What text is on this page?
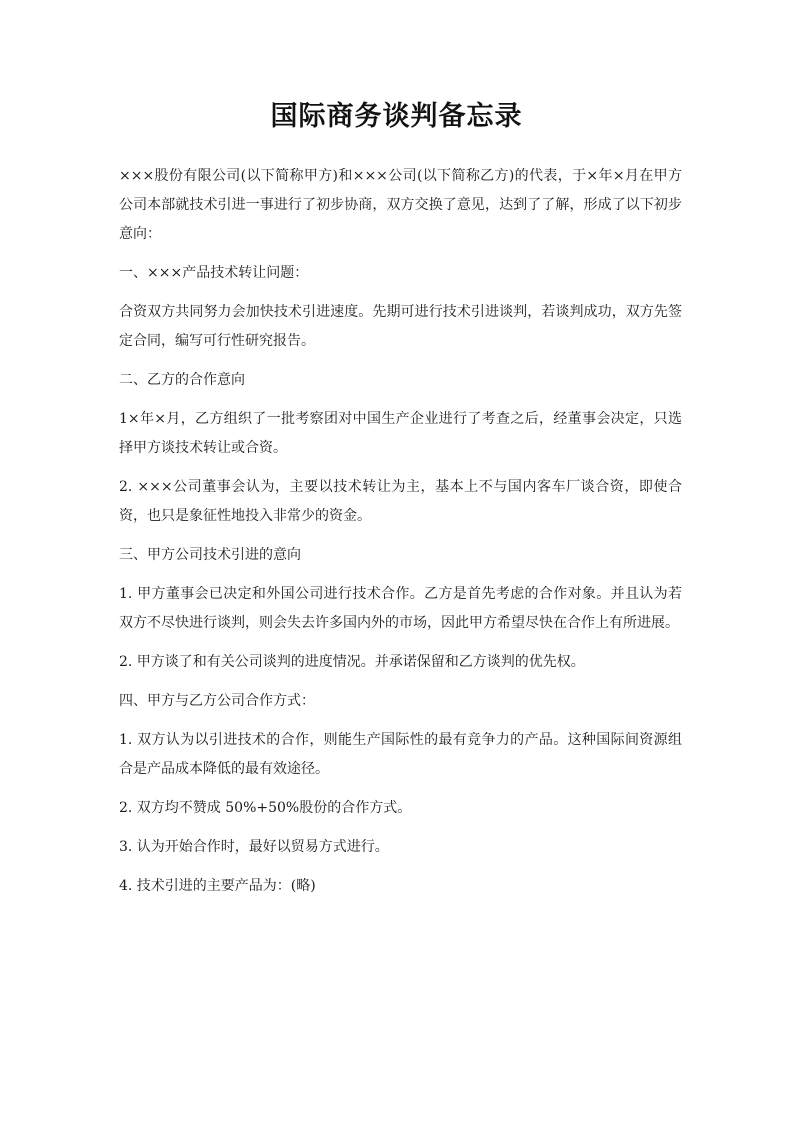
国际商务谈判备忘录

×××股份有限公司(以下简称甲方)和×××公司(以下简称乙方)的代表，于×年×月在甲方公司本部就技术引进一事进行了初步协商，双方交换了意见，达到了了解，形成了以下初步意向：

一、×××产品技术转让问题：

合资双方共同努力会加快技术引进速度。先期可进行技术引进谈判，若谈判成功，双方先签定合同，编写可行性研究报告。

二、乙方的合作意向

1×年×月，乙方组织了一批考察团对中国生产企业进行了考查之后，经董事会决定，只选择甲方谈技术转让或合资。

2. ×××公司董事会认为，主要以技术转让为主，基本上不与国内客车厂谈合资，即使合资，也只是象征性地投入非常少的资金。

三、甲方公司技术引进的意向

1. 甲方董事会已决定和外国公司进行技术合作。乙方是首先考虑的合作对象。并且认为若双方不尽快进行谈判，则会失去许多国内外的市场，因此甲方希望尽快在合作上有所进展。

2. 甲方谈了和有关公司谈判的进度情况。并承诺保留和乙方谈判的优先权。

四、甲方与乙方公司合作方式：

1. 双方认为以引进技术的合作，则能生产国际性的最有竞争力的产品。这种国际间资源组合是产品成本降低的最有效途径。

2. 双方均不赞成 50%+50%股份的合作方式。

3. 认为开始合作时，最好以贸易方式进行。

4. 技术引进的主要产品为：(略)
